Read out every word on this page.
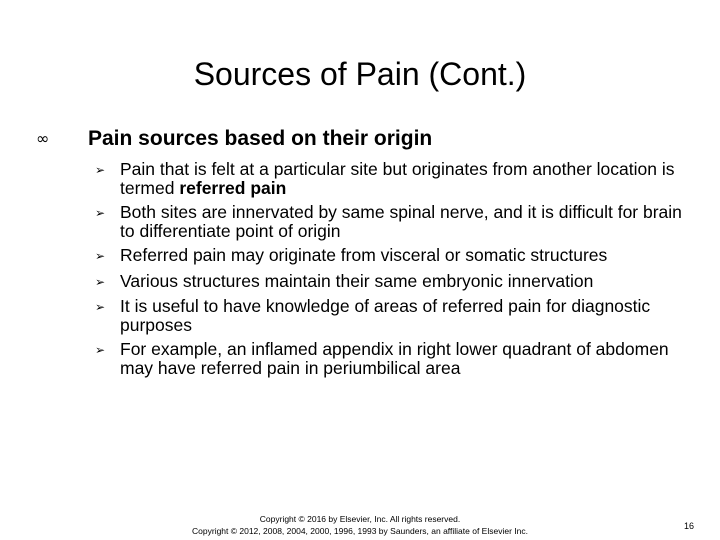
Sources of Pain (Cont.)
∞	Pain sources based on their origin
➢ Pain that is felt at a particular site but originates from another location is termed referred pain
➢ Both sites are innervated by same spinal nerve, and it is difficult for brain to differentiate point of origin
➢ Referred pain may originate from visceral or somatic structures
➢ Various structures maintain their same embryonic innervation
➢ It is useful to have knowledge of areas of referred pain for diagnostic purposes
➢ For example, an inflamed appendix in right lower quadrant of abdomen may have referred pain in periumbilical area
Copyright © 2016 by Elsevier, Inc. All rights reserved.
Copyright © 2012, 2008, 2004, 2000, 1996, 1993 by Saunders, an affiliate of Elsevier Inc.	16
